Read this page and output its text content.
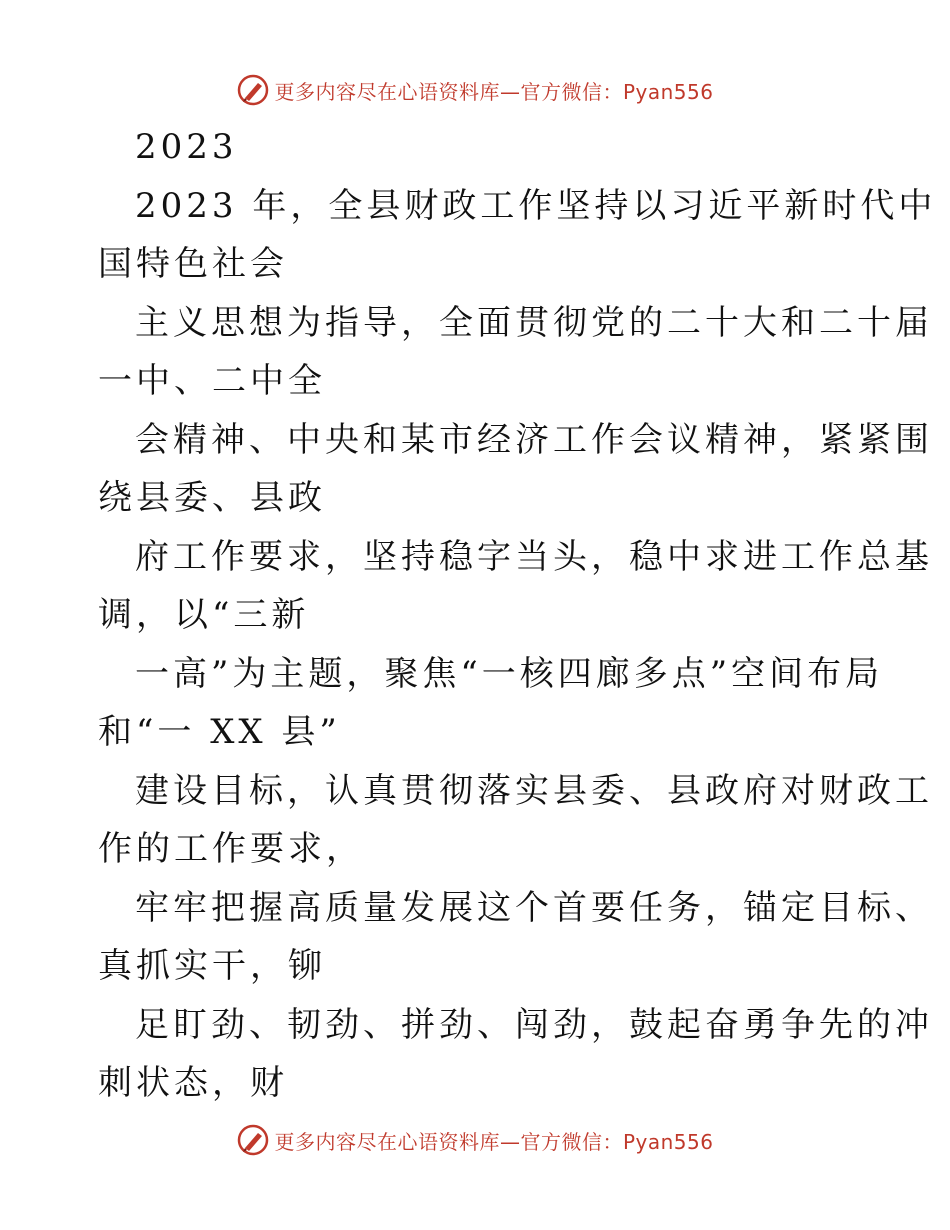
更多内容尽在心语资料库—官方微信：Pyan556
2023
2023 年，全县财政工作坚持以习近平新时代中
国特色社会
主义思想为指导，全面贯彻党的二十大和二十届
一中、二中全
会精神、中央和某市经济工作会议精神，紧紧围
绕县委、县政
府工作要求，坚持稳字当头，稳中求进工作总基
调，以“三新
一高”为主题，聚焦“一核四廊多点”空间布局
和“一 XX 县”
建设目标，认真贯彻落实县委、县政府对财政工
作的工作要求，
牢牢把握高质量发展这个首要任务，锚定目标、
真抓实干，铆
足盯劲、韧劲、拼劲、闯劲，鼓起奋勇争先的冲
刺状态，财
更多内容尽在心语资料库—官方微信：Pyan556
